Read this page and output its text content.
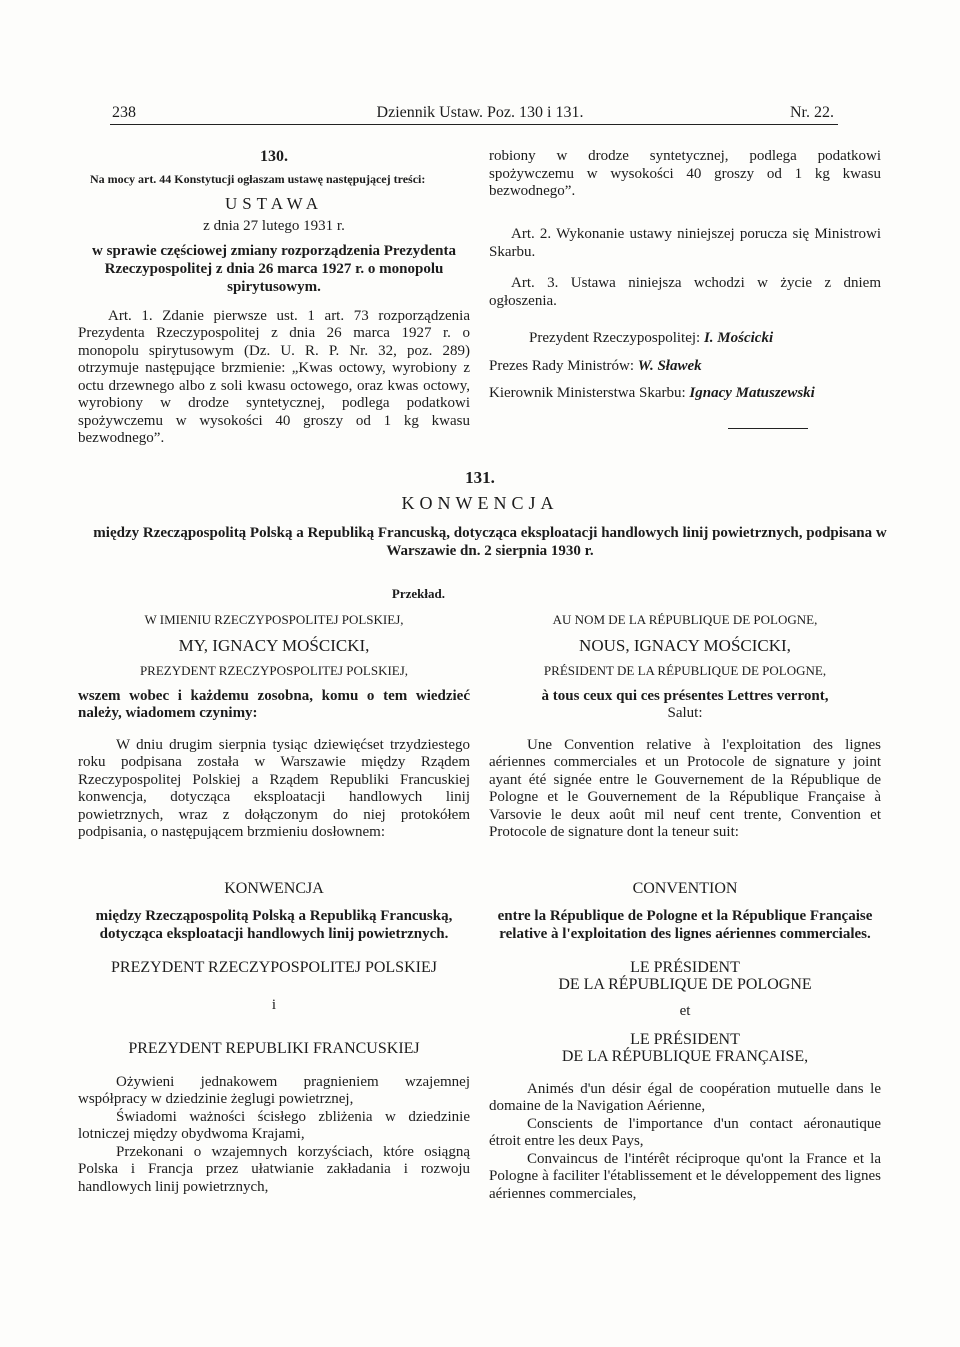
238	Dziennik Ustaw. Poz. 130 i 131.	Nr. 22.
130.
Na mocy art. 44 Konstytucji ogłaszam ustawę następującej treści:
USTAWA
z dnia 27 lutego 1931 r.
w sprawie częściowej zmiany rozporządzenia Prezydenta Rzeczypospolitej z dnia 26 marca 1927 r. o monopolu spirytusowym.
Art. 1. Zdanie pierwsze ust. 1 art. 73 rozporządzenia Prezydenta Rzeczypospolitej z dnia 26 marca 1927 r. o monopolu spirytusowym (Dz. U. R. P. Nr. 32, poz. 289) otrzymuje następujące brzmienie: „Kwas octowy, wyrobiony z octu drzewnego albo z soli kwasu octowego, oraz kwas octowy, wyrobiony w drodze syntetycznej, podlega podatkowi spożywczemu w wysokości 40 groszy od 1 kg kwasu bezwodnego”.
Art. 2. Wykonanie ustawy niniejszej porucza się Ministrowi Skarbu.
Art. 3. Ustawa niniejsza wchodzi w życie z dniem ogłoszenia.
Prezydent Rzeczypospolitej: I. Mościcki
Prezes Rady Ministrów: W. Sławek
Kierownik Ministerstwa Skarbu: Ignacy Matuszewski
robiony w drodze syntetycznej, podlega podatkowi spożywczemu w wysokości 40 groszy od 1 kg kwasu bezwodnego”.
131.
KONWENCJA
między Rzecząpospolitą Polską a Republiką Francuską, dotycząca eksploatacji handlowych linij powietrznych, podpisana w Warszawie dn. 2 sierpnia 1930 r.
Przekład.
W IMIENIU RZECZYPOSPOLITEJ POLSKIEJ,
MY, IGNACY MOŚCICKI,
PREZYDENT RZECZYPOSPOLITEJ POLSKIEJ,
wszem wobec i każdemu zosobna, komu o tem wiedzieć należy, wiadomem czynimy:
W dniu drugim sierpnia tysiąc dziewięćset trzydziestego roku podpisana została w Warszawie między Rządem Rzeczypospolitej Polskiej a Rządem Republiki Francuskiej konwencja, dotycząca eksploatacji handlowych linij powietrznych, wraz z dołączonym do niej protokółem podpisania, o następującem brzmieniu dosłownem:
KONWENCJA
między Rzecząpospolitą Polską a Republiką Francuską, dotycząca eksploatacji handlowych linij powietrznych.
PREZYDENT RZECZYPOSPOLITEJ POLSKIEJ
i
PREZYDENT REPUBLIKI FRANCUSKIEJ
Ożywieni jednakowem pragnieniem wzajemnej współpracy w dziedzinie żeglugi powietrznej,
Świadomi ważności ścisłego zbliżenia w dziedzinie lotniczej między obydwoma Krajami,
Przekonani o wzajemnych korzyściach, które osiągną Polska i Francja przez ułatwianie zakładania i rozwoju handlowych linij powietrznych,
AU NOM DE LA RÉPUBLIQUE DE POLOGNE,
NOUS, IGNACY MOŚCICKI,
PRÉSIDENT DE LA RÉPUBLIQUE DE POLOGNE,
à tous ceux qui ces présentes Lettres verront,
Salut:
Une Convention relative à l'exploitation des lignes aériennes commerciales et un Protocole de signature y joint ayant été signée entre le Gouvernement de la République de Pologne et le Gouvernement de la République Française à Varsovie le deux août mil neuf cent trente, Convention et Protocole de signature dont la teneur suit:
CONVENTION
entre la République de Pologne et la République Française relative à l'exploitation des lignes aériennes commerciales.
LE PRÉSIDENT
DE LA RÉPUBLIQUE DE POLOGNE
et
LE PRÉSIDENT
DE LA RÉPUBLIQUE FRANÇAISE,
Animés d'un désir égal de coopération mutuelle dans le domaine de la Navigation Aérienne,
Conscients de l'importance d'un contact aéronautique étroit entre les deux Pays,
Convaincus de l'intérêt réciproque qu'ont la France et la Pologne à faciliter l'établissement et le développement des lignes aériennes commerciales,
